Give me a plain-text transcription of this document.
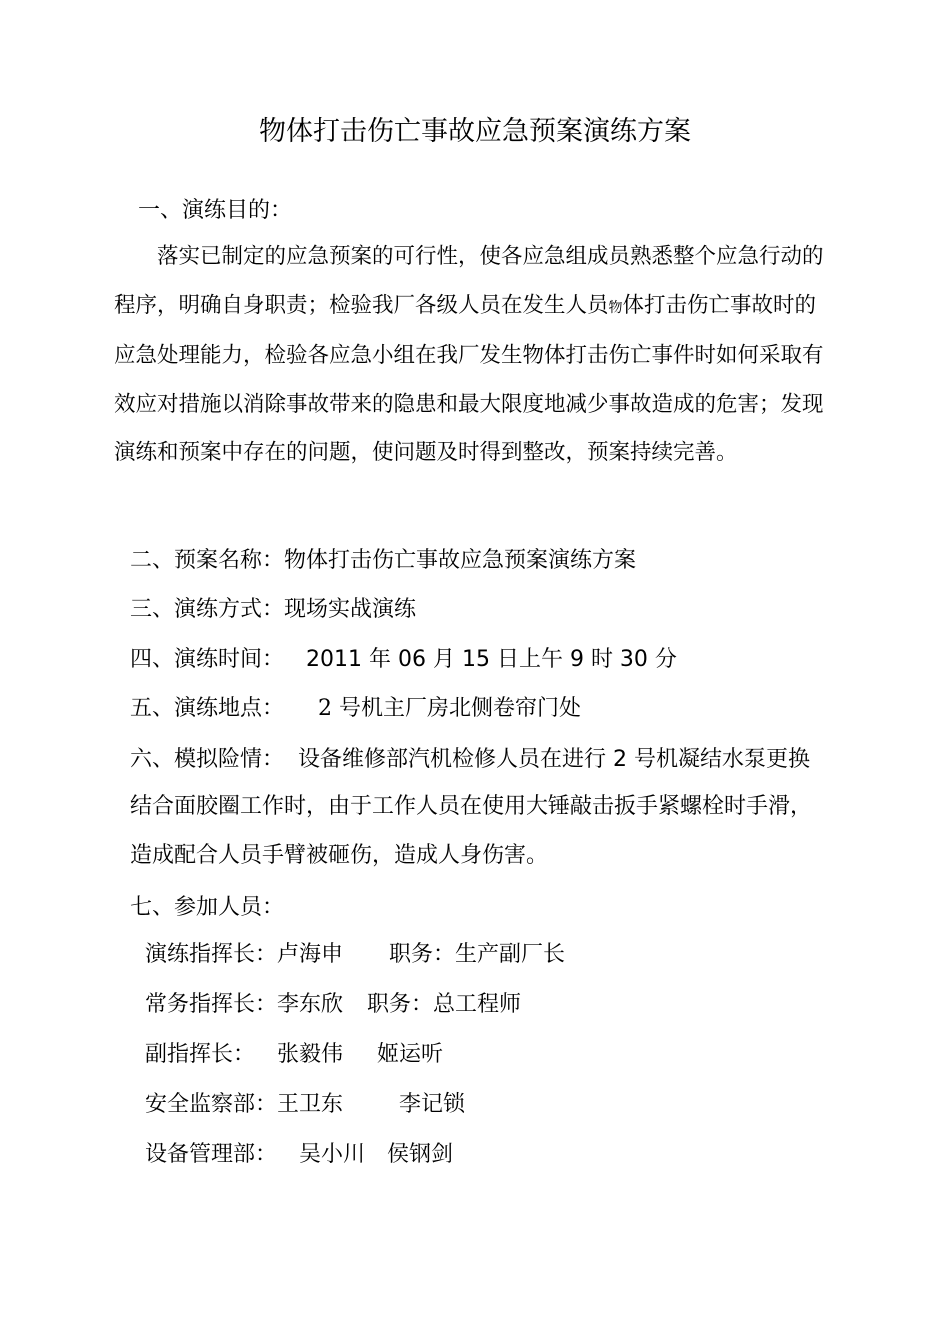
物体打击伤亡事故应急预案演练方案
一、演练目的：
落实已制定的应急预案的可行性，使各应急组成员熟悉整个应急行动的程序，明确自身职责；检验我厂各级人员在发生人员物体打击伤亡事故时的应急处理能力，检验各应急小组在我厂发生物体打击伤亡事件时如何采取有效应对措施以消除事故带来的隐患和最大限度地减少事故造成的危害；发现演练和预案中存在的问题，使问题及时得到整改，预案持续完善。
二、预案名称：物体打击伤亡事故应急预案演练方案
三、演练方式：现场实战演练
四、演练时间： 2011 年 06 月 15 日上午 9 时 30 分
五、演练地点： 2 号机主厂房北侧卷帘门处
六、模拟险情： 设备维修部汽机检修人员在进行 2 号机凝结水泵更换
结合面胶圈工作时，由于工作人员在使用大锤敲击扳手紧螺栓时手滑，
造成配合人员手臂被砸伤，造成人身伤害。
七、参加人员：
演练指挥长：卢海申 职务：生产副厂长
常务指挥长：李东欣 职务：总工程师
副指挥长： 张毅伟 姬运听
安全监察部：王卫东	李记锁
设备管理部： 吴小川 侯钢剑
